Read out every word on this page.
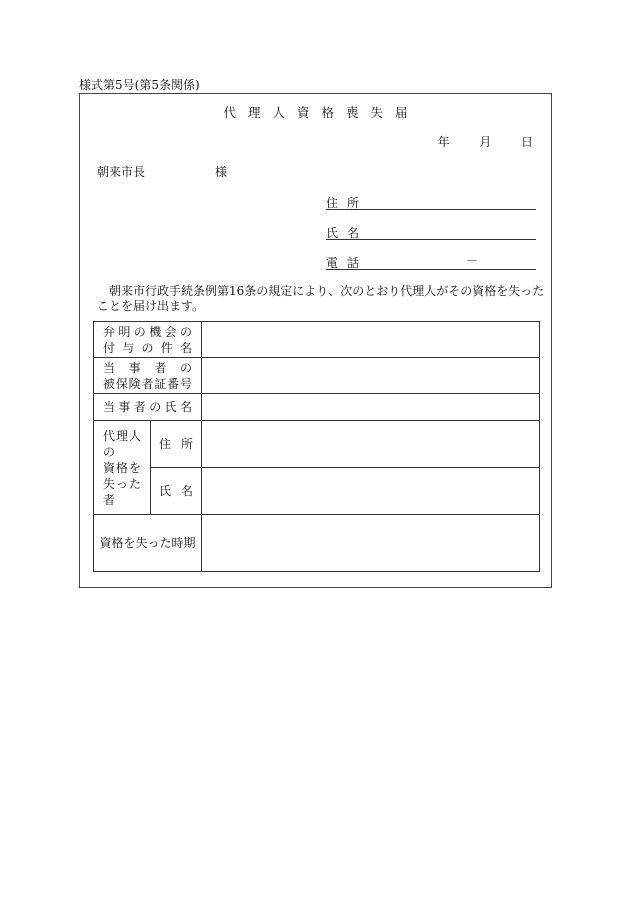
様式第5号(第5条関係)
代理人資格喪失届
年 月 日
朝来市長	様
住所
氏名
電話	－
朝来市行政手続条例第16条の規定により、次のとおり代理人がその資格を失ったことを届け出ます。
弁明の機会の
付与の件名		

当事者の
被保険者証番号		

当事者の氏名		

代理人の
資格を
失った者	住所	

	氏名	

資格を失った時期		
